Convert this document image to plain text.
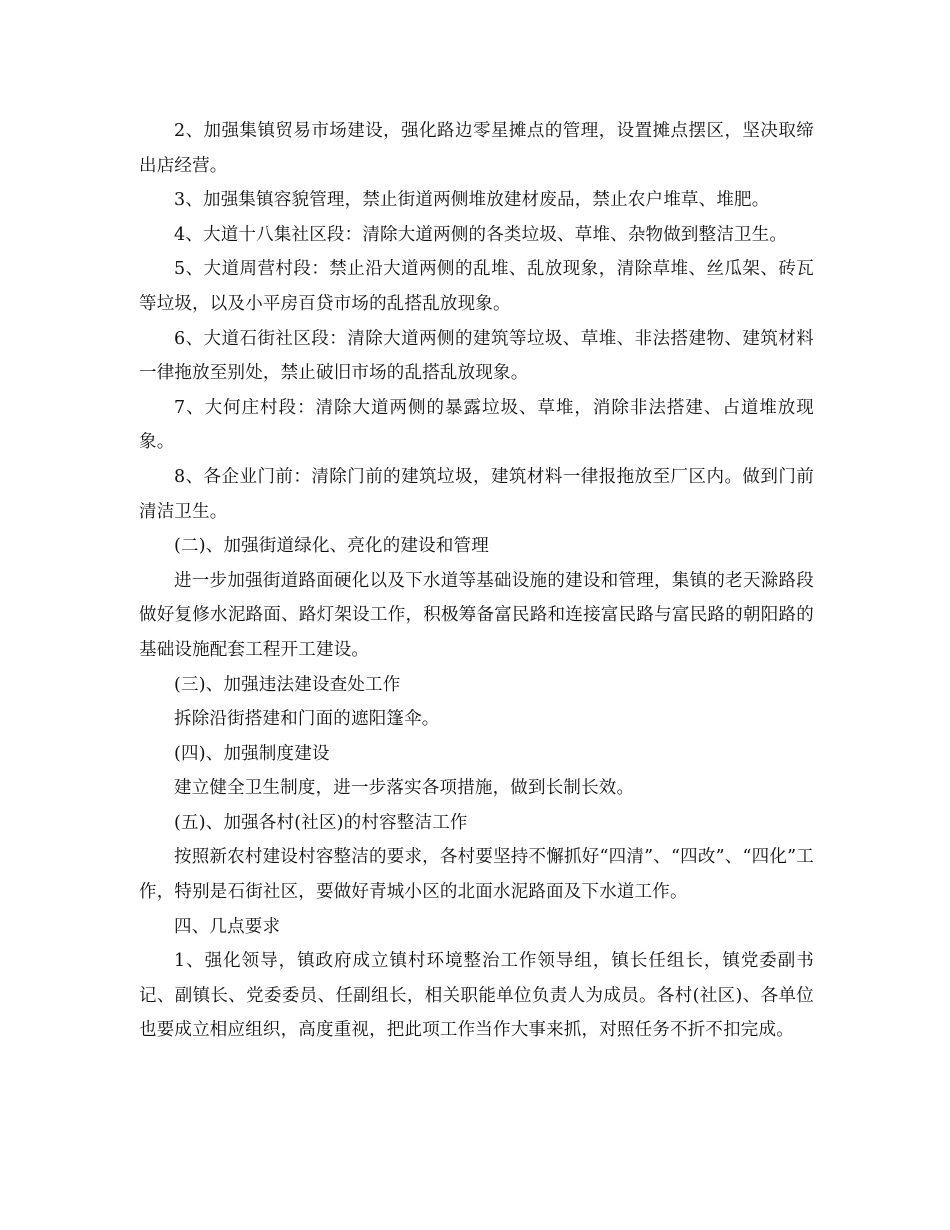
2、加强集镇贸易市场建设，强化路边零星摊点的管理，设置摊点摆区，坚决取缔出店经营。

3、加强集镇容貌管理，禁止街道两侧堆放建材废品，禁止农户堆草、堆肥。

4、大道十八集社区段：清除大道两侧的各类垃圾、草堆、杂物做到整洁卫生。

5、大道周营村段：禁止沿大道两侧的乱堆、乱放现象，清除草堆、丝瓜架、砖瓦等垃圾，以及小平房百贷市场的乱搭乱放现象。

6、大道石街社区段：清除大道两侧的建筑等垃圾、草堆、非法搭建物、建筑材料一律拖放至别处，禁止破旧市场的乱搭乱放现象。

7、大何庄村段：清除大道两侧的暴露垃圾、草堆，消除非法搭建、占道堆放现象。

8、各企业门前：清除门前的建筑垃圾，建筑材料一律报拖放至厂区内。做到门前清洁卫生。

(二)、加强街道绿化、亮化的建设和管理

进一步加强街道路面硬化以及下水道等基础设施的建设和管理，集镇的老天滁路段做好复修水泥路面、路灯架设工作，积极筹备富民路和连接富民路与富民路的朝阳路的基础设施配套工程开工建设。

(三)、加强违法建设查处工作

拆除沿街搭建和门面的遮阳篷伞。

(四)、加强制度建设

建立健全卫生制度，进一步落实各项措施，做到长制长效。

(五)、加强各村(社区)的村容整洁工作

按照新农村建设村容整洁的要求，各村要坚持不懈抓好“四清”、“四改”、“四化”工作，特别是石街社区，要做好青城小区的北面水泥路面及下水道工作。

四、几点要求

1、强化领导，镇政府成立镇村环境整治工作领导组，镇长任组长，镇党委副书记、副镇长、党委委员、任副组长，相关职能单位负责人为成员。各村(社区)、各单位也要成立相应组织，高度重视，把此项工作当作大事来抓，对照任务不折不扣完成。
